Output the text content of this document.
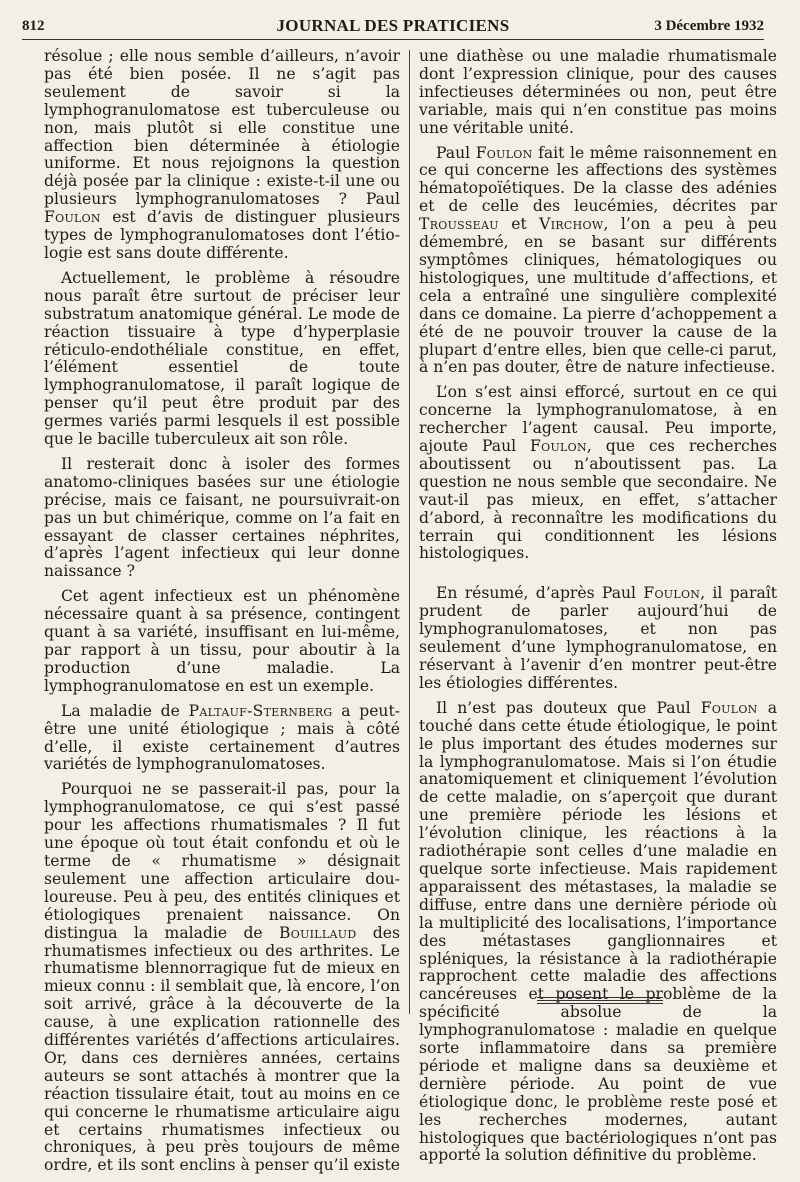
812	JOURNAL DES PRATICIENS	3 Décembre 1932

résolue ; elle nous semble d’ailleurs, n’avoir pas été bien posée. Il ne s’agit pas seulement de savoir si la lymphogranulomatose est tuberculeuse ou non, mais plutôt si elle constitue une affection bien déterminée à étiologie uniforme. Et nous rejoignons la question déjà posée par la clinique : existe-t-il une ou plusieurs lymphogranulomatoses ? Paul Foulon est d’avis de distinguer plusieurs types de lymphogranulomatoses dont l’étiologie est sans doute différente.

Actuellement, le problème à résoudre nous paraît être surtout de préciser leur substratum anatomique général. Le mode de réaction tissuaire à type d’hyperplasie réticulo-endothéliale constitue, en effet, l’élément essentiel de toute lymphogranulomatose, il paraît logique de penser qu’il peut être produit par des germes variés parmi lesquels il est possible que le bacille tuberculeux ait son rôle.

Il resterait donc à isoler des formes anatomo-cliniques basées sur une étiologie précise, mais ce faisant, ne poursuivrait-on pas un but chimérique, comme on l’a fait en essayant de classer certaines néphrites, d’après l’agent infectieux qui leur donne naissance ?

Cet agent infectieux est un phénomène nécessaire quant à sa présence, contingent quant à sa variété, insuffisant en lui-même, par rapport à un tissu, pour aboutir à la production d’une maladie. La lymphogranulomatose en est un exemple.

La maladie de Paltauf-Sternberg a peut-être une unité étiologique ; mais à côté d’elle, il existe certainement d’autres variétés de lymphogranulomatoses.

Pourquoi ne se passerait-il pas, pour la lymphogranulomatose, ce qui s’est passé pour les affections rhumatismales ? Il fut une époque où tout était confondu et où le terme de « rhumatisme » désignait seulement une affection articulaire douloureuse. Peu à peu, des entités cliniques et étiologiques prenaient naissance. On distingua la maladie de Bouillaud des rhumatismes infectieux ou des arthrites. Le rhumatisme blennorragique fut de mieux en mieux connu : il semblait que, là encore, l’on soit arrivé, grâce à la découverte de la cause, à une explication rationnelle des différentes variétés d’affections articulaires. Or, dans ces dernières années, certains auteurs se sont attachés à montrer que la réaction tissulaire était, tout au moins en ce qui concerne le rhumatisme articulaire aigu et certains rhumatismes infectieux ou chroniques, à peu près toujours de même ordre, et ils sont enclins à penser qu’il existe

une diathèse ou une maladie rhumatismale dont l’expression clinique, pour des causes infectieuses déterminées ou non, peut être variable, mais qui n’en constitue pas moins une véritable unité.

Paul Foulon fait le même raisonnement en ce qui concerne les affections des systèmes hématopoïétiques. De la classe des adénies et de celle des leucémies, décrites par Trousseau et Virchow, l’on a peu à peu démembré, en se basant sur différents symptômes cliniques, hématologiques ou histologiques, une multitude d’affections, et cela a entraîné une singulière complexité dans ce domaine. La pierre d’achoppement a été de ne pouvoir trouver la cause de la plupart d’entre elles, bien que celle-ci parut, à n’en pas douter, être de nature infectieuse.

L’on s’est ainsi efforcé, surtout en ce qui concerne la lymphogranulomatose, à en rechercher l’agent causal. Peu importe, ajoute Paul Foulon, que ces recherches aboutissent ou n’aboutissent pas. La question ne nous semble que secondaire. Ne vaut-il pas mieux, en effet, s’attacher d’abord, à reconnaître les modifications du terrain qui conditionnent les lésions histologiques.

En résumé, d’après Paul Foulon, il paraît prudent de parler aujourd’hui de lymphogranulomatoses, et non pas seulement d’une lymphogranulomatose, en réservant à l’avenir d’en montrer peut-être les étiologies différentes.

Il n’est pas douteux que Paul Foulon a touché dans cette étude étiologique, le point le plus important des études modernes sur la lymphogranulomatose. Mais si l’on étudie anatomiquement et cliniquement l’évolution de cette maladie, on s’aperçoit que durant une première période les lésions et l’évolution clinique, les réactions à la radiothérapie sont celles d’une maladie en quelque sorte infectieuse. Mais rapidement apparaissent des métastases, la maladie se diffuse, entre dans une dernière période où la multiplicité des localisations, l’importance des métastases ganglionnaires et spléniques, la résistance à la radiothérapie rapprochent cette maladie des affections cancéreuses et posent le problème de la spécificité absolue de la lymphogranulomatose : maladie en quelque sorte inflammatoire dans sa première période et maligne dans sa deuxième et dernière période. Au point de vue étiologique donc, le problème reste posé et les recherches modernes, autant histologiques que bactériologiques n’ont pas apporté la solution définitive du problème.
